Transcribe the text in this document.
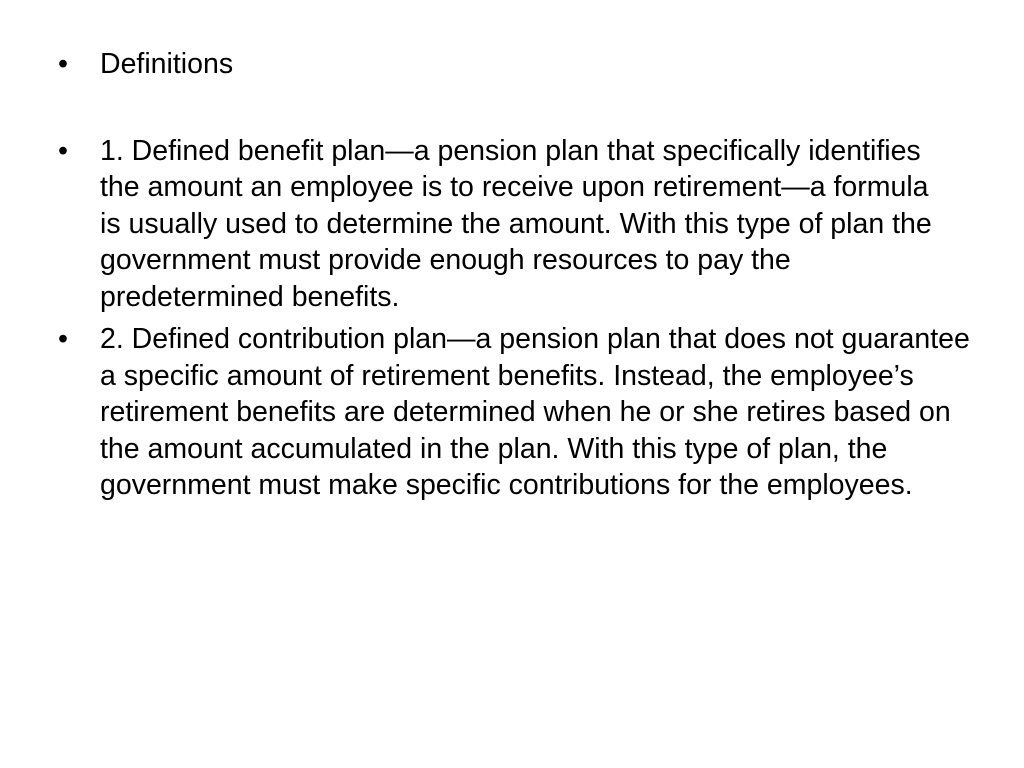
•	Definitions
•	1. Defined benefit plan—a pension plan that specifically identifies the amount an employee is to receive upon retirement—a formula is usually used to determine the amount. With this type of plan the government must provide enough resources to pay the predetermined benefits.
•	2. Defined contribution plan—a pension plan that does not guarantee a specific amount of retirement benefits. Instead, the employee’s retirement benefits are determined when he or she retires based on the amount accumulated in the plan. With this type of plan, the government must make specific contributions for the employees.
